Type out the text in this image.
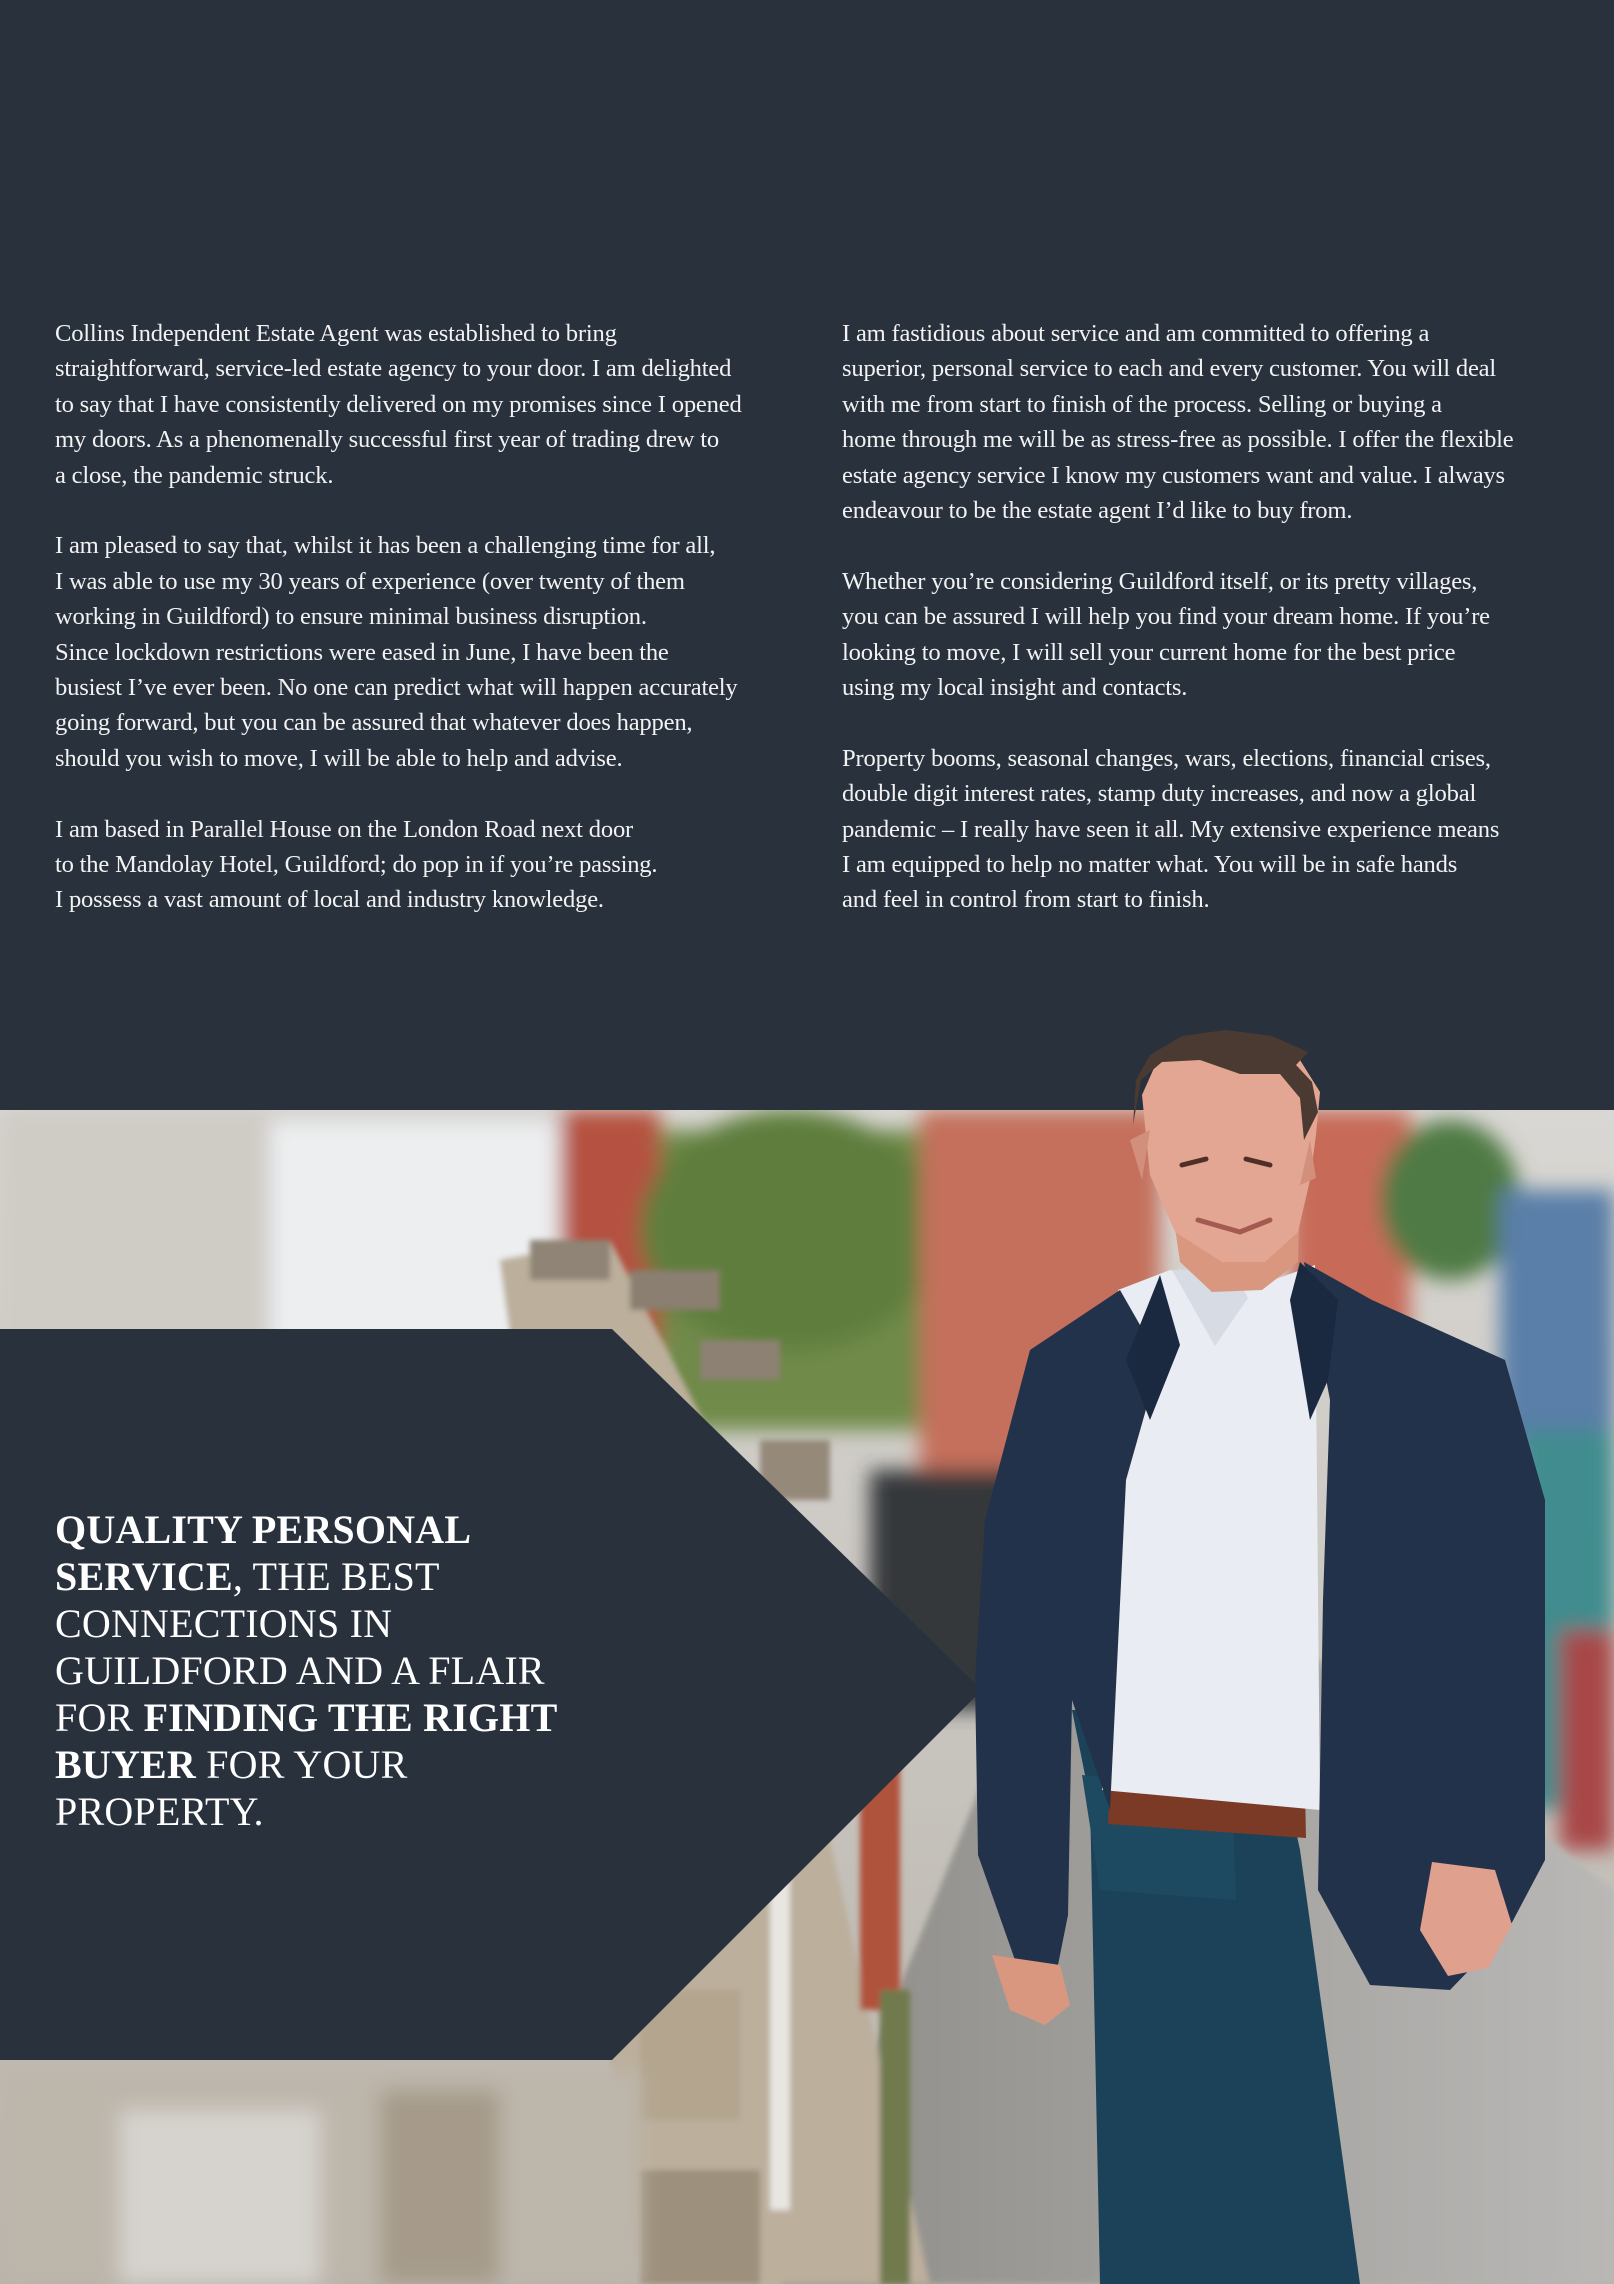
Collins Independent Estate Agent was established to bring
straightforward, service-led estate agency to your door. I am delighted
to say that I have consistently delivered on my promises since I opened
my doors. As a phenomenally successful first year of trading drew to
a close, the pandemic struck.

I am pleased to say that, whilst it has been a challenging time for all,
I was able to use my 30 years of experience (over twenty of them
working in Guildford) to ensure minimal business disruption.
Since lockdown restrictions were eased in June, I have been the
busiest I’ve ever been. No one can predict what will happen accurately
going forward, but you can be assured that whatever does happen,
should you wish to move, I will be able to help and advise.

I am based in Parallel House on the London Road next door
to the Mandolay Hotel, Guildford; do pop in if you’re passing.
I possess a vast amount of local and industry knowledge.

I am fastidious about service and am committed to offering a
superior, personal service to each and every customer. You will deal
with me from start to finish of the process. Selling or buying a
home through me will be as stress-free as possible. I offer the flexible
estate agency service I know my customers want and value. I always
endeavour to be the estate agent I’d like to buy from.

Whether you’re considering Guildford itself, or its pretty villages,
you can be assured I will help you find your dream home. If you’re
looking to move, I will sell your current home for the best price
using my local insight and contacts.

Property booms, seasonal changes, wars, elections, financial crises,
double digit interest rates, stamp duty increases, and now a global
pandemic – I really have seen it all. My extensive experience means
I am equipped to help no matter what. You will be in safe hands
and feel in control from start to finish.

QUALITY PERSONAL SERVICE, THE BEST CONNECTIONS IN GUILDFORD AND A FLAIR FOR FINDING THE RIGHT BUYER FOR YOUR PROPERTY.
